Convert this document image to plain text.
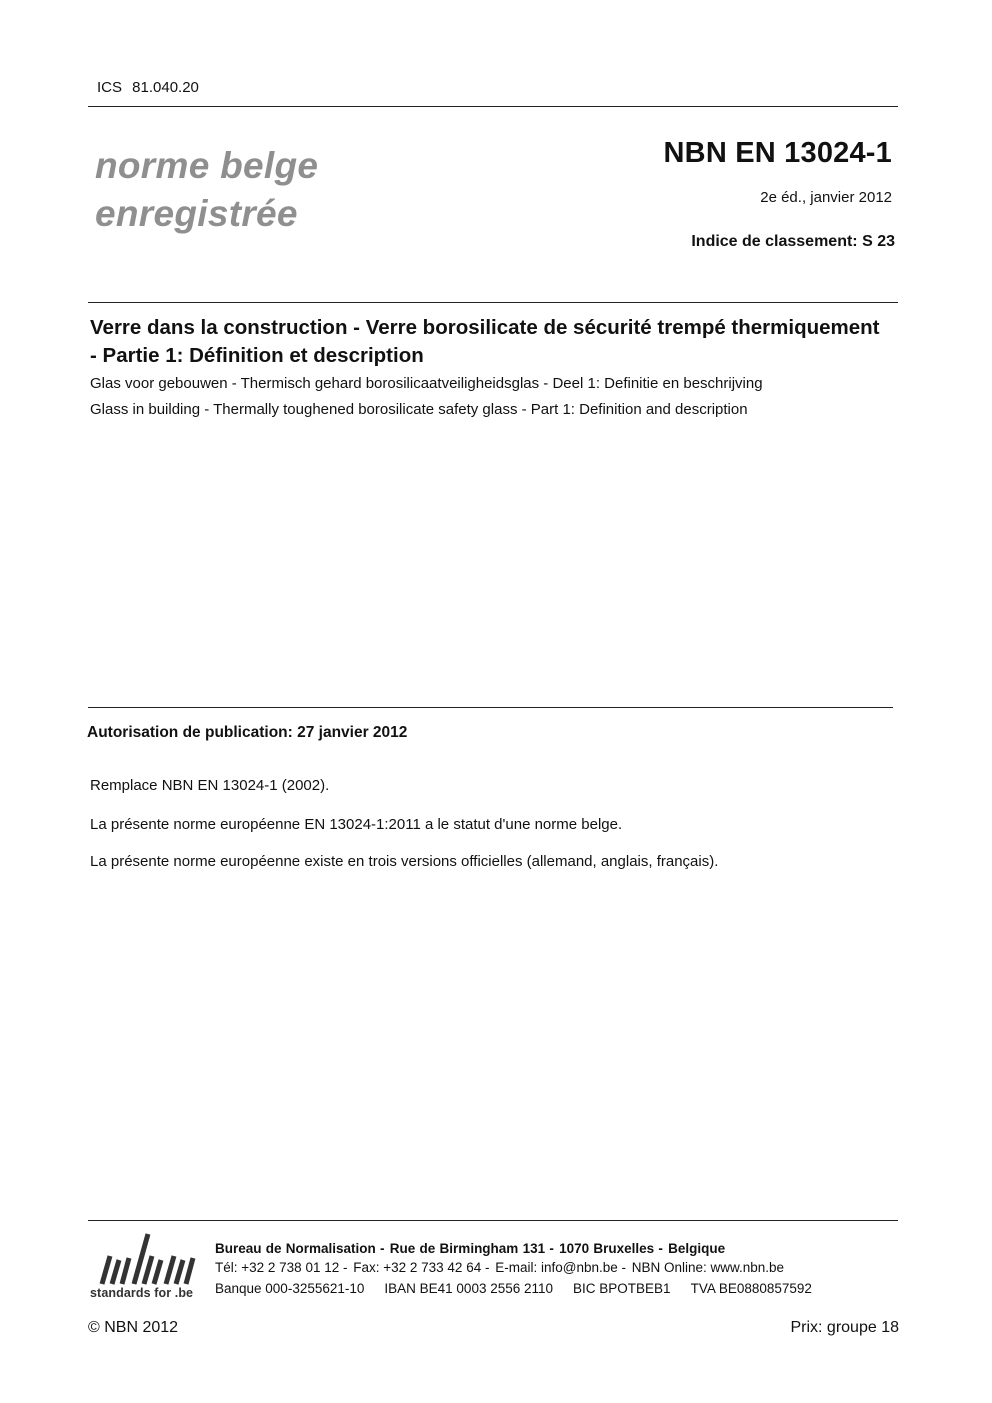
ICS 81.040.20
norme belge
enregistrée
NBN EN 13024-1
2e éd., janvier 2012
Indice de classement: S 23
Verre dans la construction - Verre borosilicate de sécurité trempé thermiquement - Partie 1: Définition et description
Glas voor gebouwen - Thermisch gehard borosilicaatveiligheidsglas - Deel 1: Definitie en beschrijving
Glass in building - Thermally toughened borosilicate safety glass - Part 1: Definition and description
Autorisation de publication: 27 janvier 2012
Remplace NBN EN 13024-1 (2002).
La présente norme européenne EN 13024-1:2011 a le statut d'une norme belge.
La présente norme européenne existe en trois versions officielles (allemand, anglais, français).
standards for .be
Bureau de Normalisation - Rue de Birmingham 131 - 1070 Bruxelles - Belgique
Tél: +32 2 738 01 12 - Fax: +32 2 733 42 64 - E-mail: info@nbn.be - NBN Online: www.nbn.be
Banque 000-3255621-10 IBAN BE41 0003 2556 2110 BIC BPOTBEB1 TVA BE0880857592
© NBN 2012	Prix: groupe 18
